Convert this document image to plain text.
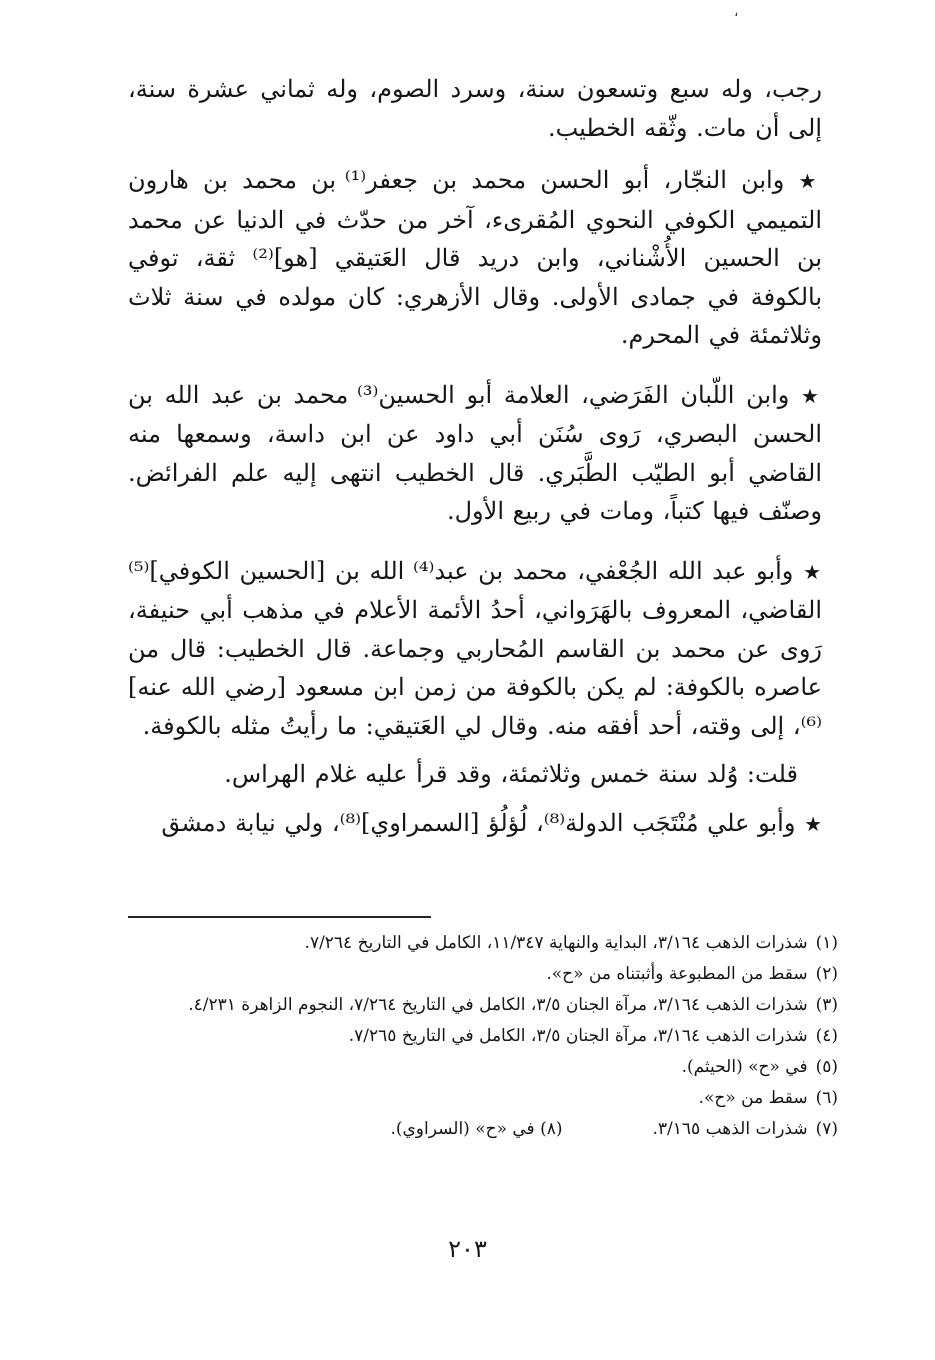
،

رجب، وله سبع وتسعون سنة، وسرد الصوم، وله ثماني عشرة سنة، إلى أن مات. وثّقه الخطيب.

★ وابن النجّار، أبو الحسن محمد بن جعفر⁽¹⁾ بن محمد بن هارون التميمي الكوفي النحوي المُقرىء، آخر من حدّث في الدنيا عن محمد بن الحسين الأُشْناني، وابن دريد قال العَتيقي [هو]⁽²⁾ ثقة، توفي بالكوفة في جمادى الأولى. وقال الأزهري: كان مولده في سنة ثلاث وثلاثمئة في المحرم.

★ وابن اللّبان الفَرَضي، العلامة أبو الحسين⁽³⁾ محمد بن عبد الله بن الحسن البصري، رَوى سُنَن أبي داود عن ابن داسة، وسمعها منه القاضي أبو الطيّب الطَّبَري. قال الخطيب انتهى إليه علم الفرائض. وصنّف فيها كتباً، ومات في ربيع الأول.

★ وأبو عبد الله الجُعْفي، محمد بن عبد⁽⁴⁾ الله بن [الحسين الكوفي]⁽⁵⁾ القاضي، المعروف بالهَرَواني، أحدُ الأئمة الأعلام في مذهب أبي حنيفة، رَوى عن محمد بن القاسم المُحاربي وجماعة. قال الخطيب: قال من عاصره بالكوفة: لم يكن بالكوفة من زمن ابن مسعود [رضي الله عنه]⁽⁶⁾، إلى وقته، أحد أفقه منه. وقال لي العَتيقي: ما رأيتُ مثله بالكوفة.

قلت: وُلد سنة خمس وثلاثمئة، وقد قرأ عليه غلام الهراس.

★ وأبو علي مُنْتَجَب الدولة⁽⁸⁾، لُؤلُؤ [السمراوي]⁽⁸⁾، ولي نيابة دمشق

(١)
شذرات الذهب ٣/١٦٤، البداية والنهاية ١١/٣٤٧، الكامل في التاريخ ٧/٢٦٤.
(٢)
سقط من المطبوعة وأثبتناه من «ح».
(٣)
شذرات الذهب ٣/١٦٤، مرآة الجنان ٣/٥، الكامل في التاريخ ٧/٢٦٤، النجوم الزاهرة ٤/٢٣١.
(٤)
شذرات الذهب ٣/١٦٤، مرآة الجنان ٣/٥، الكامل في التاريخ ٧/٢٦٥.
(٥)
في «ح» (الحيثم).
(٦)
سقط من «ح».
(٧)
شذرات الذهب ٣/١٦٥.
(٨) في «ح» (السراوي).
٢٠٣
